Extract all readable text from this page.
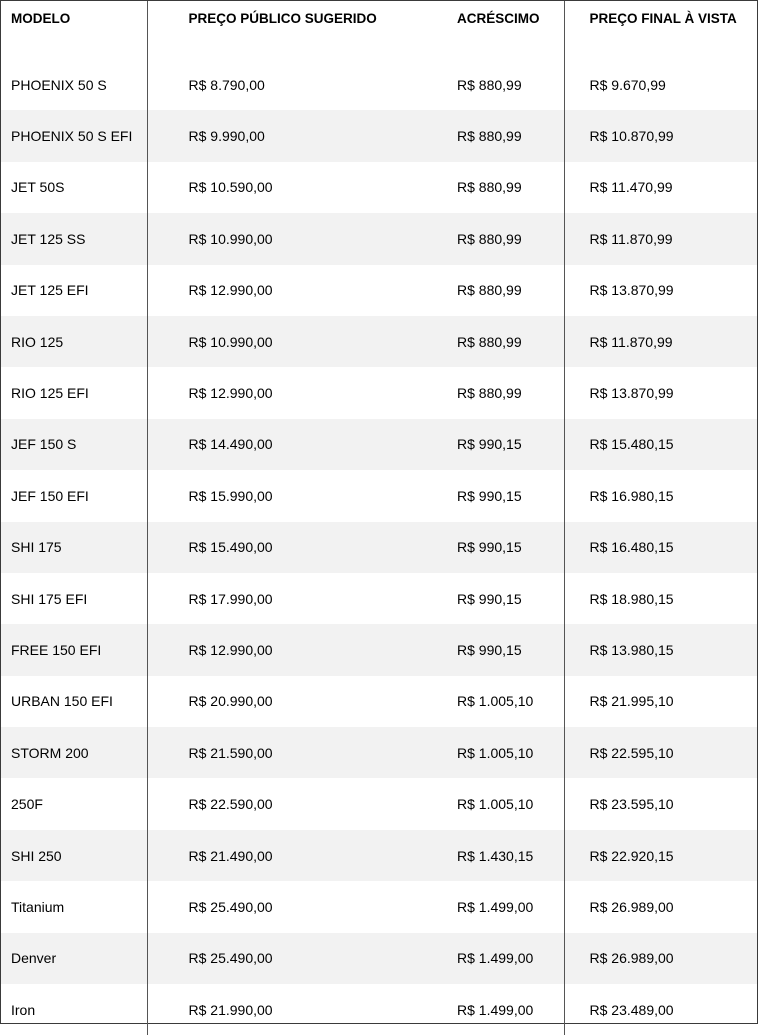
MODELO	PREÇO PÚBLICO SUGERIDO	ACRÉSCIMO	PREÇO FINAL À VISTA
PHOENIX 50 S	R$ 8.790,00	R$ 880,99	R$ 9.670,99
PHOENIX 50 S EFI	R$ 9.990,00	R$ 880,99	R$ 10.870,99
JET 50S	R$ 10.590,00	R$ 880,99	R$ 11.470,99
JET 125 SS	R$ 10.990,00	R$ 880,99	R$ 11.870,99
JET 125 EFI	R$ 12.990,00	R$ 880,99	R$ 13.870,99
RIO 125	R$ 10.990,00	R$ 880,99	R$ 11.870,99
RIO 125 EFI	R$ 12.990,00	R$ 880,99	R$ 13.870,99
JEF 150 S	R$ 14.490,00	R$ 990,15	R$ 15.480,15
JEF 150 EFI	R$ 15.990,00	R$ 990,15	R$ 16.980,15
SHI 175	R$ 15.490,00	R$ 990,15	R$ 16.480,15
SHI 175 EFI	R$ 17.990,00	R$ 990,15	R$ 18.980,15
FREE 150 EFI	R$ 12.990,00	R$ 990,15	R$ 13.980,15
URBAN 150 EFI	R$ 20.990,00	R$ 1.005,10	R$ 21.995,10
STORM 200	R$ 21.590,00	R$ 1.005,10	R$ 22.595,10
250F	R$ 22.590,00	R$ 1.005,10	R$ 23.595,10
SHI 250	R$ 21.490,00	R$ 1.430,15	R$ 22.920,15
Titanium	R$ 25.490,00	R$ 1.499,00	R$ 26.989,00
Denver	R$ 25.490,00	R$ 1.499,00	R$ 26.989,00
Iron	R$ 21.990,00	R$ 1.499,00	R$ 23.489,00
